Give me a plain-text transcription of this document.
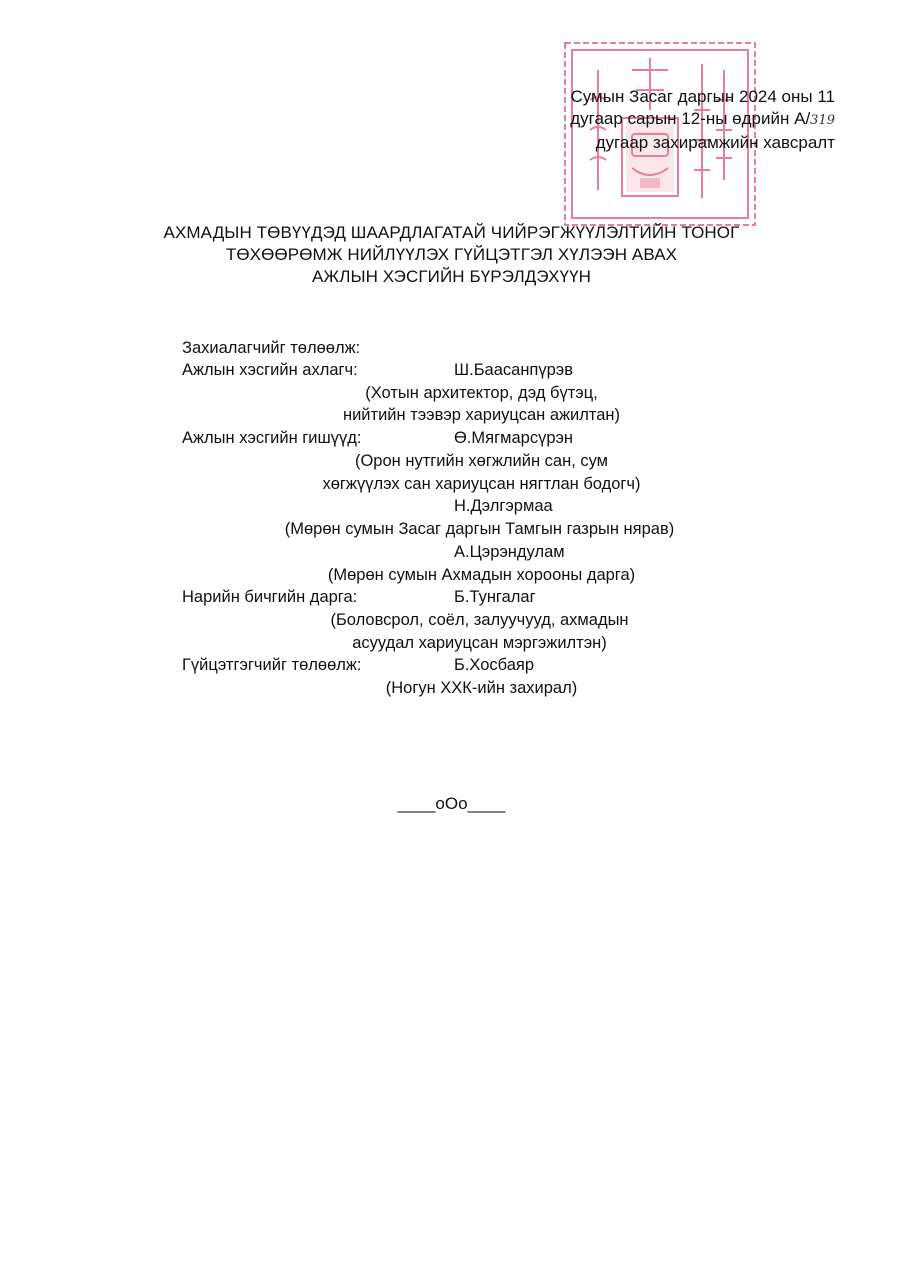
Сумын Засаг даргын 2024 оны 11
дугаар сарын 12-ны өдрийн А/319
дугаар захирамжийн хавсралт
АХМАДЫН ТӨВҮҮДЭД ШААРДЛАГАТАЙ ЧИЙРЭГЖҮҮЛЭЛТИЙН ТОНОГ
ТӨХӨӨРӨМЖ НИЙЛҮҮЛЭХ ГҮЙЦЭТГЭЛ ХҮЛЭЭН АВАХ
АЖЛЫН ХЭСГИЙН БҮРЭЛДЭХҮҮН
Захиалагчийг төлөөлж:
Ажлын хэсгийн ахлагч:	Ш.Баасанпүрэв
(Хотын архитектор, дэд бүтэц,
нийтийн тээвэр хариуцсан ажилтан)
Ажлын хэсгийн гишүүд:	Ө.Мягмарсүрэн
(Орон нутгийн хөгжлийн сан, сум
хөгжүүлэх сан хариуцсан нягтлан бодогч)
Н.Дэлгэрмаа
(Мөрөн сумын Засаг даргын Тамгын газрын нярав)
А.Цэрэндулам
(Мөрөн сумын Ахмадын хорооны дарга)
Нарийн бичгийн дарга:	Б.Тунгалаг
(Боловсрол, соёл, залуучууд, ахмадын
асуудал хариуцсан мэргэжилтэн)
Гүйцэтгэгчийг төлөөлж:	Б.Хосбаяр
(Ногун ХХК-ийн захирал)
____оОо____
